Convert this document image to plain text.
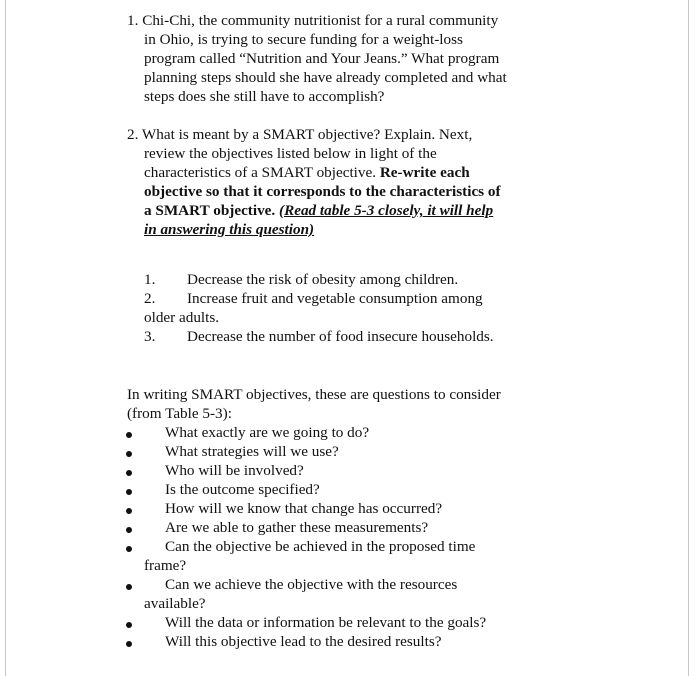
1. Chi-Chi, the community nutritionist for a rural community
in Ohio, is trying to secure funding for a weight-loss
program called “Nutrition and Your Jeans.” What program
planning steps should she have already completed and what
steps does she still have to accomplish?
2. What is meant by a SMART objective? Explain. Next,
review the objectives listed below in light of the
characteristics of a SMART objective. Re-write each
objective so that it corresponds to the characteristics of
a SMART objective. (Read table 5-3 closely, it will help
in answering this question)
1. Decrease the risk of obesity among children.
2. Increase fruit and vegetable consumption among
older adults.
3. Decrease the number of food insecure households.
In writing SMART objectives, these are questions to consider
(from Table 5-3):
What exactly are we going to do?
What strategies will we use?
Who will be involved?
Is the outcome specified?
How will we know that change has occurred?
Are we able to gather these measurements?
Can the objective be achieved in the proposed time
frame?
Can we achieve the objective with the resources
available?
Will the data or information be relevant to the goals?
Will this objective lead to the desired results?
